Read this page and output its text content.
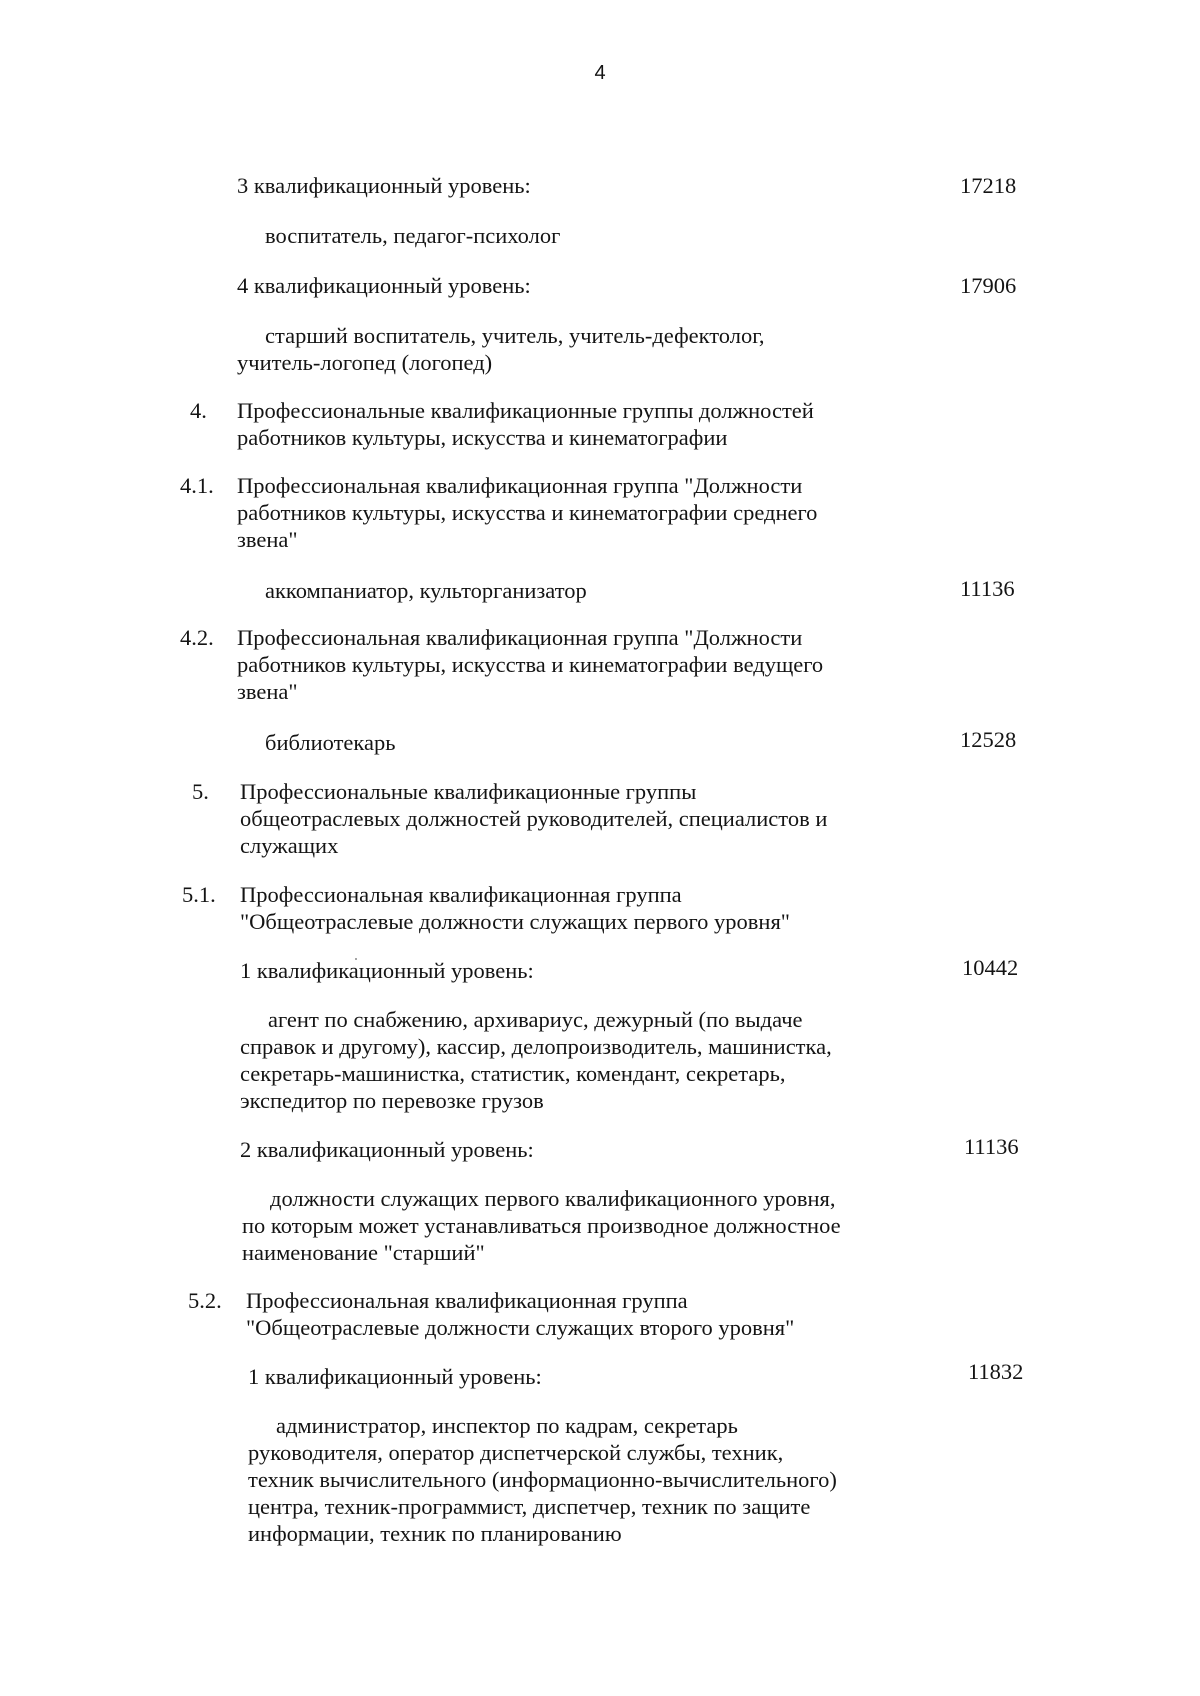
4
3 квалификационный уровень:	17218
воспитатель, педагог-психолог
4 квалификационный уровень:	17906
старший воспитатель, учитель, учитель-дефектолог,
учитель-логопед (логопед)
4. Профессиональные квалификационные группы должностей
работников культуры, искусства и кинематографии
4.1. Профессиональная квалификационная группа "Должности
работников культуры, искусства и кинематографии среднего
звена"
аккомпаниатор, культорганизатор	11136
4.2. Профессиональная квалификационная группа "Должности
работников культуры, искусства и кинематографии ведущего
звена"
библиотекарь	12528
5. Профессиональные квалификационные группы
общеотраслевых должностей руководителей, специалистов и
служащих
5.1. Профессиональная квалификационная группа
"Общеотраслевые должности служащих первого уровня"
1 квалификационный уровень:	10442
агент по снабжению, архивариус, дежурный (по выдаче
справок и другому), кассир, делопроизводитель, машинистка,
секретарь-машинистка, статистик, комендант, секретарь,
экспедитор по перевозке грузов
2 квалификационный уровень:	11136
должности служащих первого квалификационного уровня,
по которым может устанавливаться производное должностное
наименование "старший"
5.2. Профессиональная квалификационная группа
"Общеотраслевые должности служащих второго уровня"
1 квалификационный уровень:	11832
администратор, инспектор по кадрам, секретарь
руководителя, оператор диспетчерской службы, техник,
техник вычислительного (информационно-вычислительного)
центра, техник-программист, диспетчер, техник по защите
информации, техник по планированию
